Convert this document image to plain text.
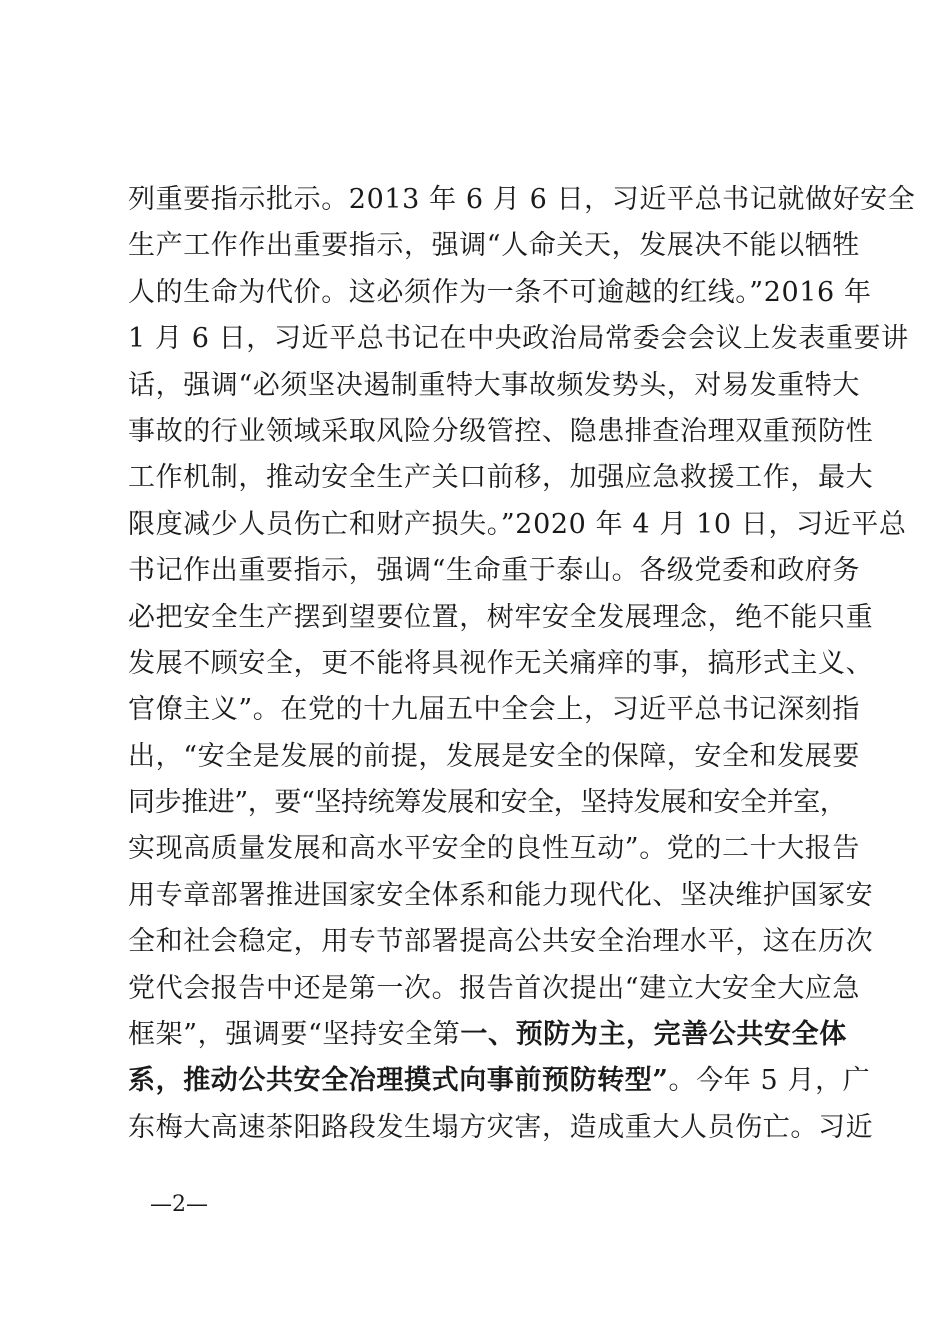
列重要指示批示。2013 年 6 月 6 日，习近平总书记就做好安全
生产工作作出重要指示，强调“人命关天，发展决不能以牺牲
人的生命为代价。这必须作为一条不可逾越的红线。”2016 年
1 月 6 日，习近平总书记在中央政治局常委会会议上发表重要讲
话，强调“必须坚决遏制重特大事故频发势头，对易发重特大
事故的行业领域采取风险分级管控、隐患排查治理双重预防性
工作机制，推动安全生产关口前移，加强应急救援工作，最大
限度减少人员伤亡和财产损失。”2020 年 4 月 10 日，习近平总
书记作出重要指示，强调“生命重于泰山。各级党委和政府务
必把安全生产摆到望要位置，树牢安全发展理念，绝不能只重
发展不顾安全，更不能将具视作无关痛痒的事，搞形式主义、
官僚主义”。在党的十九届五中全会上，习近平总书记深刻指
出，“安全是发展的前提，发展是安全的保障，安全和发展要
同步推进”，要“坚持统筹发展和安全，坚持发展和安全并室，
实现高质量发展和高水平安全的良性互动”。党的二十大报告
用专章部署推进国家安全体系和能力现代化、坚决维护国冢安
全和社会稳定，用专节部署提高公共安全治理水平，这在历次
党代会报告中还是第一次。报告首次提出“建立大安全大应急
框架”，强调要“坚持安全第一、预防为主，完善公共安全体
系，推动公共安全冶理摸式向事前预防转型”。今年 5 月，广
东梅大高速茶阳路段发生塌方灾害，造成重大人员伤亡。习近
—2—
